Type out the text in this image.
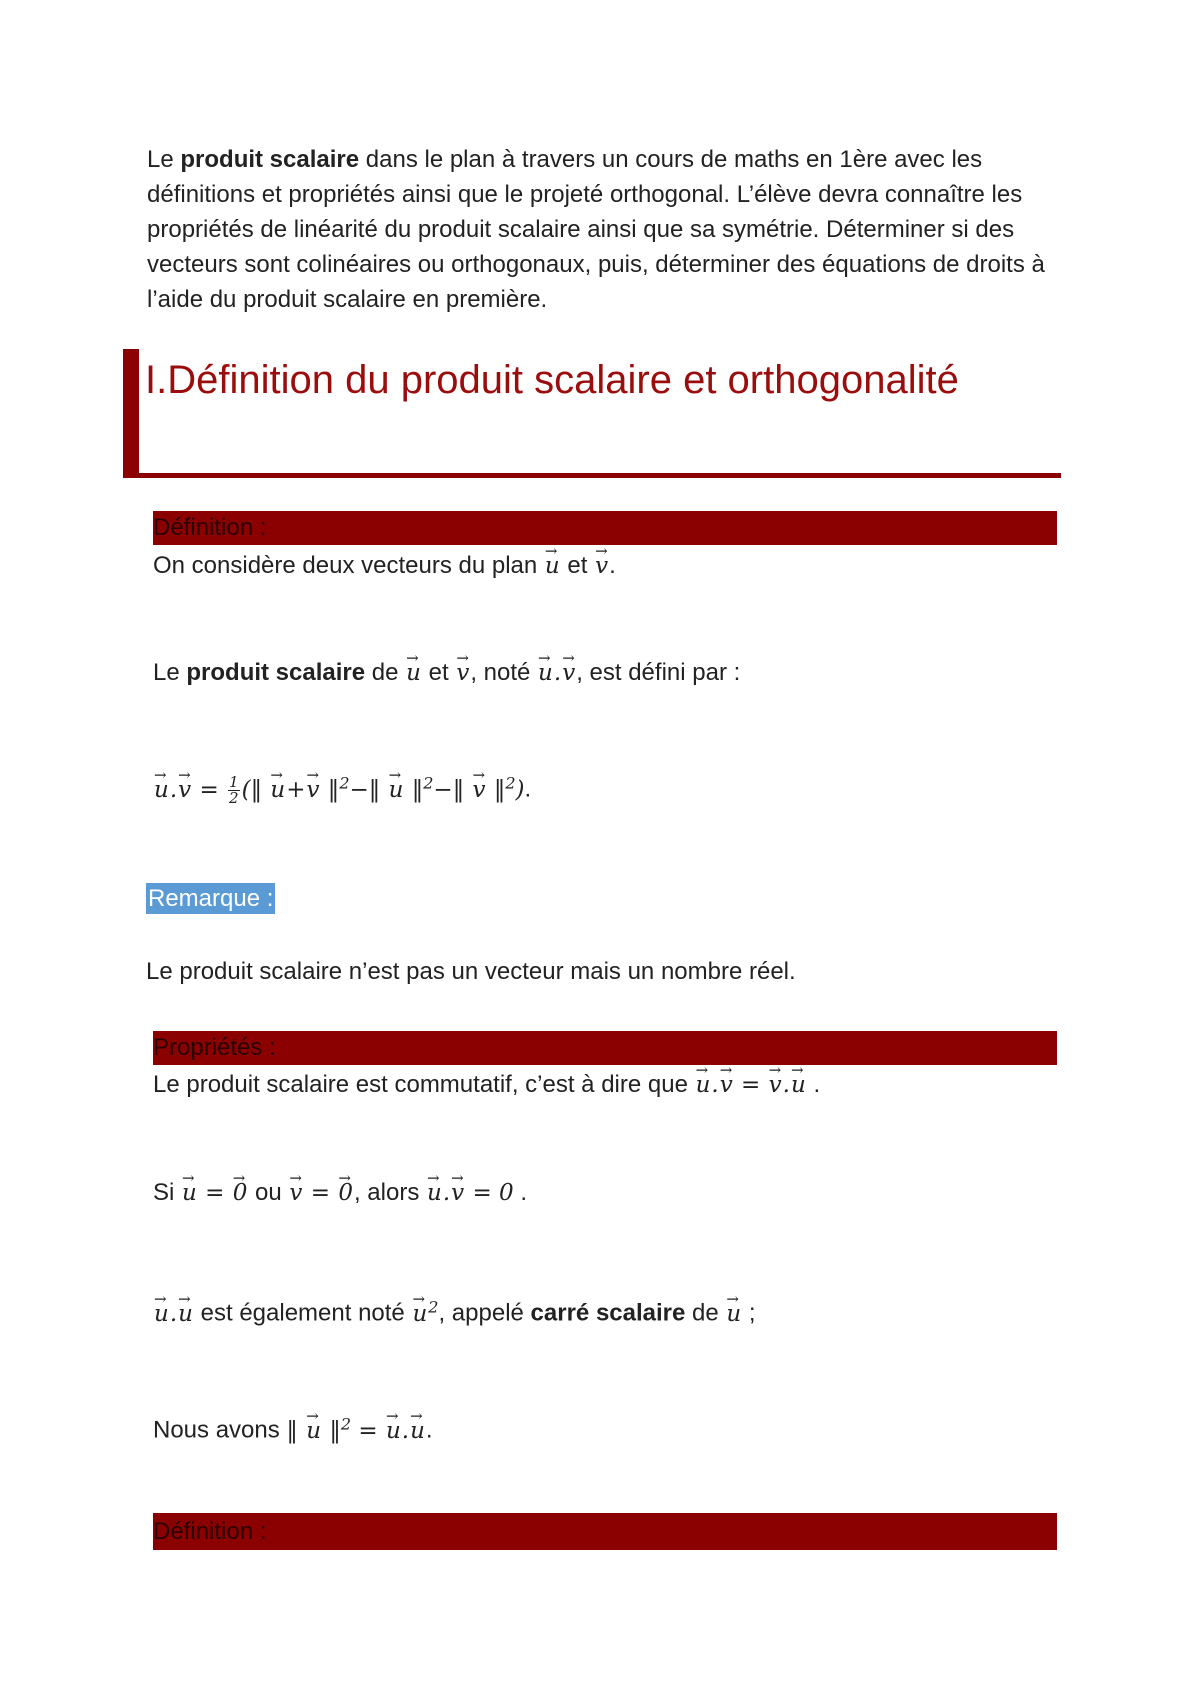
Le produit scalaire dans le plan à travers un cours de maths en 1ère avec les définitions et propriétés ainsi que le projeté orthogonal. L’élève devra connaître les propriétés de linéarité du produit scalaire ainsi que sa symétrie. Déterminer si des vecteurs sont colinéaires ou orthogonaux, puis, déterminer des équations de droits à l’aide du produit scalaire en première.
I.Définition du produit scalaire et orthogonalité
Définition :
On considère deux vecteurs du plan → u et → v.
Le produit scalaire de → u et → v, noté → u.→ v, est défini par :
→ $u.\to v = \frac{1}{2}$ (‖ → u+→ v ‖$^2$−‖ → u ‖$^2$−‖ → v ‖$^2$).
Remarque :
Le produit scalaire n’est pas un vecteur mais un nombre réel.
Propriétés :
Le produit scalaire est commutatif, c’est à dire que → u.→ v = → v.→ u .
Si → u = → 0 ou → v = → 0, alors → u.→ v = 0 .
→ u.→ u est également noté → $u^2$, appelé carré scalaire de → u ;
Nous avons ‖ → u ‖$^2$ = → u.→ u.
Définition :
